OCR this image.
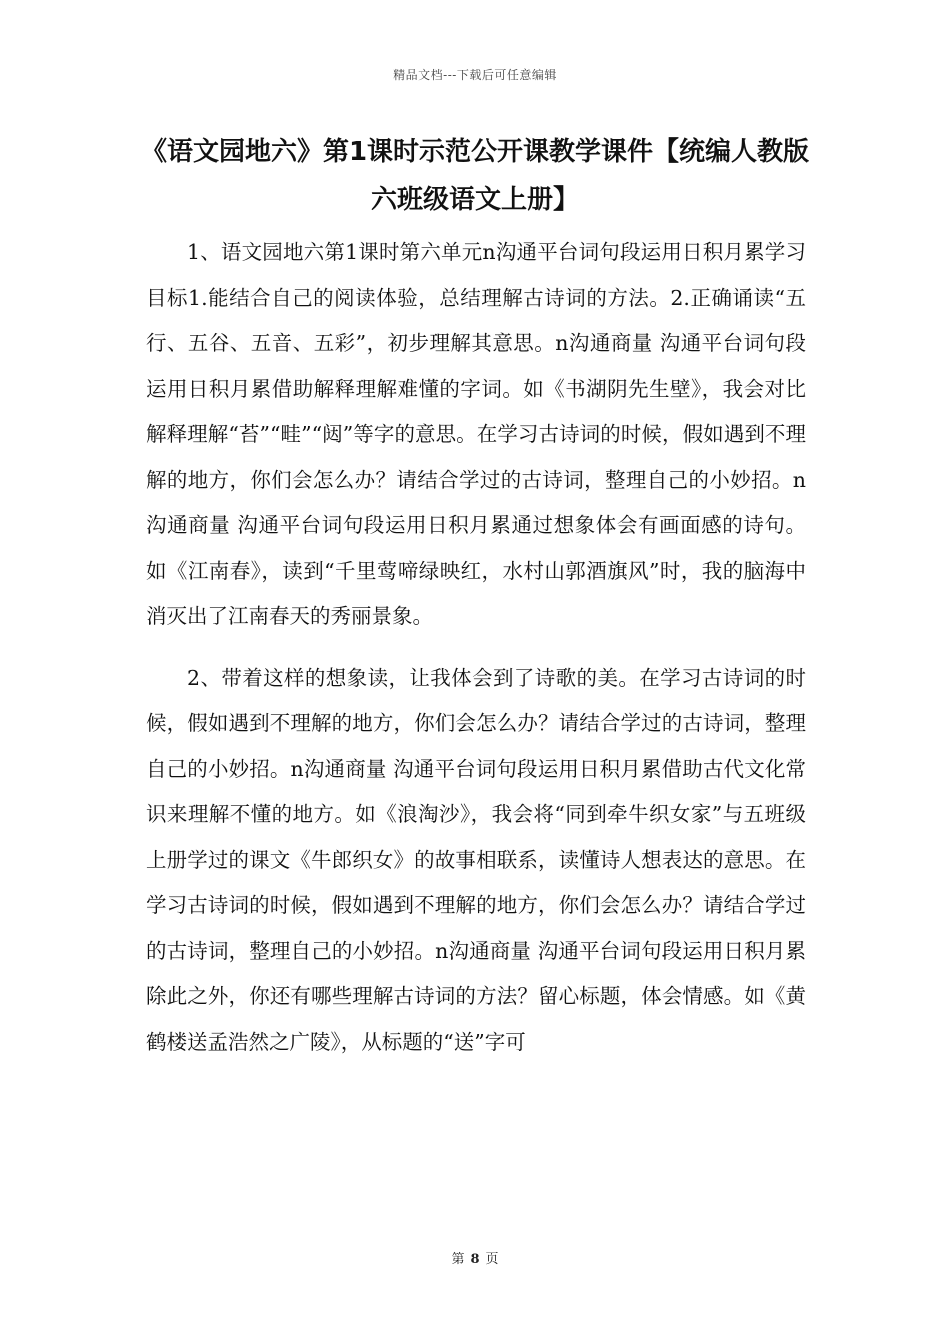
精品文档---下载后可任意编辑
《语文园地六》第1课时示范公开课教学课件【统编人教版六班级语文上册】

1、语文园地六第1课时第六单元n沟通平台词句段运用日积月累学习目标1.能结合自己的阅读体验，总结理解古诗词的方法。2.正确诵读“五行、五谷、五音、五彩”，初步理解其意思。n沟通商量 沟通平台词句段运用日积月累借助解释理解难懂的字词。如《书湖阴先生壁》，我会对比解释理解“苔”“畦”“闼”等字的意思。在学习古诗词的时候，假如遇到不理解的地方，你们会怎么办？请结合学过的古诗词，整理自己的小妙招。n沟通商量 沟通平台词句段运用日积月累通过想象体会有画面感的诗句。如《江南春》，读到“千里莺啼绿映红，水村山郭酒旗风”时，我的脑海中消灭出了江南春天的秀丽景象。

2、带着这样的想象读，让我体会到了诗歌的美。在学习古诗词的时候，假如遇到不理解的地方，你们会怎么办？请结合学过的古诗词，整理自己的小妙招。n沟通商量 沟通平台词句段运用日积月累借助古代文化常识来理解不懂的地方。如《浪淘沙》，我会将“同到牵牛织女家”与五班级上册学过的课文《牛郎织女》的故事相联系，读懂诗人想表达的意思。在学习古诗词的时候，假如遇到不理解的地方，你们会怎么办？请结合学过的古诗词，整理自己的小妙招。n沟通商量 沟通平台词句段运用日积月累除此之外，你还有哪些理解古诗词的方法？留心标题，体会情感。如《黄鹤楼送孟浩然之广陵》，从标题的“送”字可

第 8 页
